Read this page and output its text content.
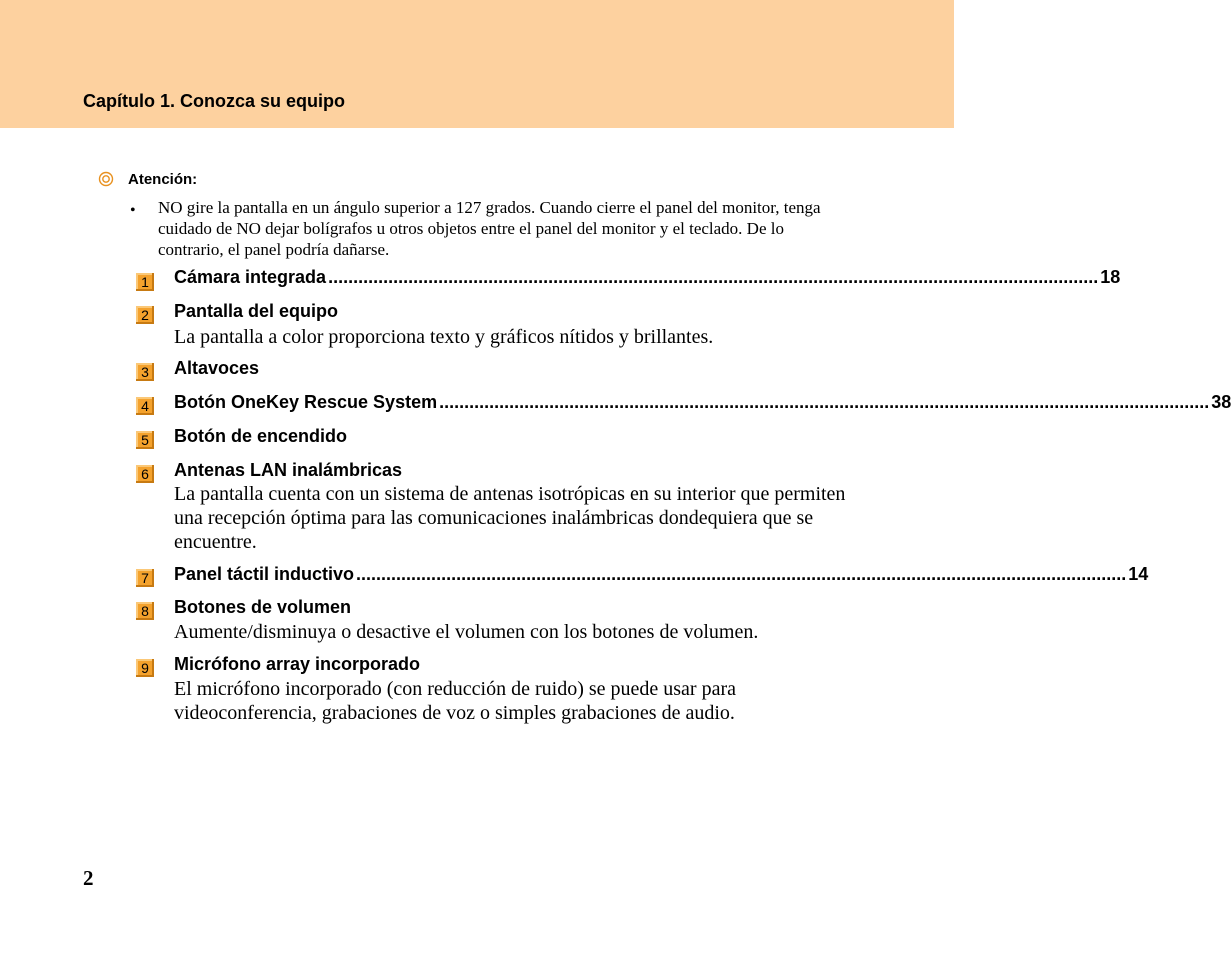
Capítulo 1. Conozca su equipo
Atención:
•	NO gire la pantalla en un ángulo superior a 127 grados. Cuando cierre el panel del monitor, tenga cuidado de NO dejar bolígrafos u otros objetos entre el panel del monitor y el teclado. De lo contrario, el panel podría dañarse.
1 Cámara integrada .......................................................................................................................................................... 18
2 Pantalla del equipo
La pantalla a color proporciona texto y gráficos nítidos y brillantes.
3 Altavoces
4 Botón OneKey Rescue System .......................................................................................................................................................... 38
5 Botón de encendido
6 Antenas LAN inalámbricas
La pantalla cuenta con un sistema de antenas isotrópicas en su interior que permiten una recepción óptima para las comunicaciones inalámbricas dondequiera que se encuentre.
7 Panel táctil inductivo .......................................................................................................................................................... 14
8 Botones de volumen
Aumente/disminuya o desactive el volumen con los botones de volumen.
9 Micrófono array incorporado
El micrófono incorporado (con reducción de ruido) se puede usar para videoconferencia, grabaciones de voz o simples grabaciones de audio.
2
